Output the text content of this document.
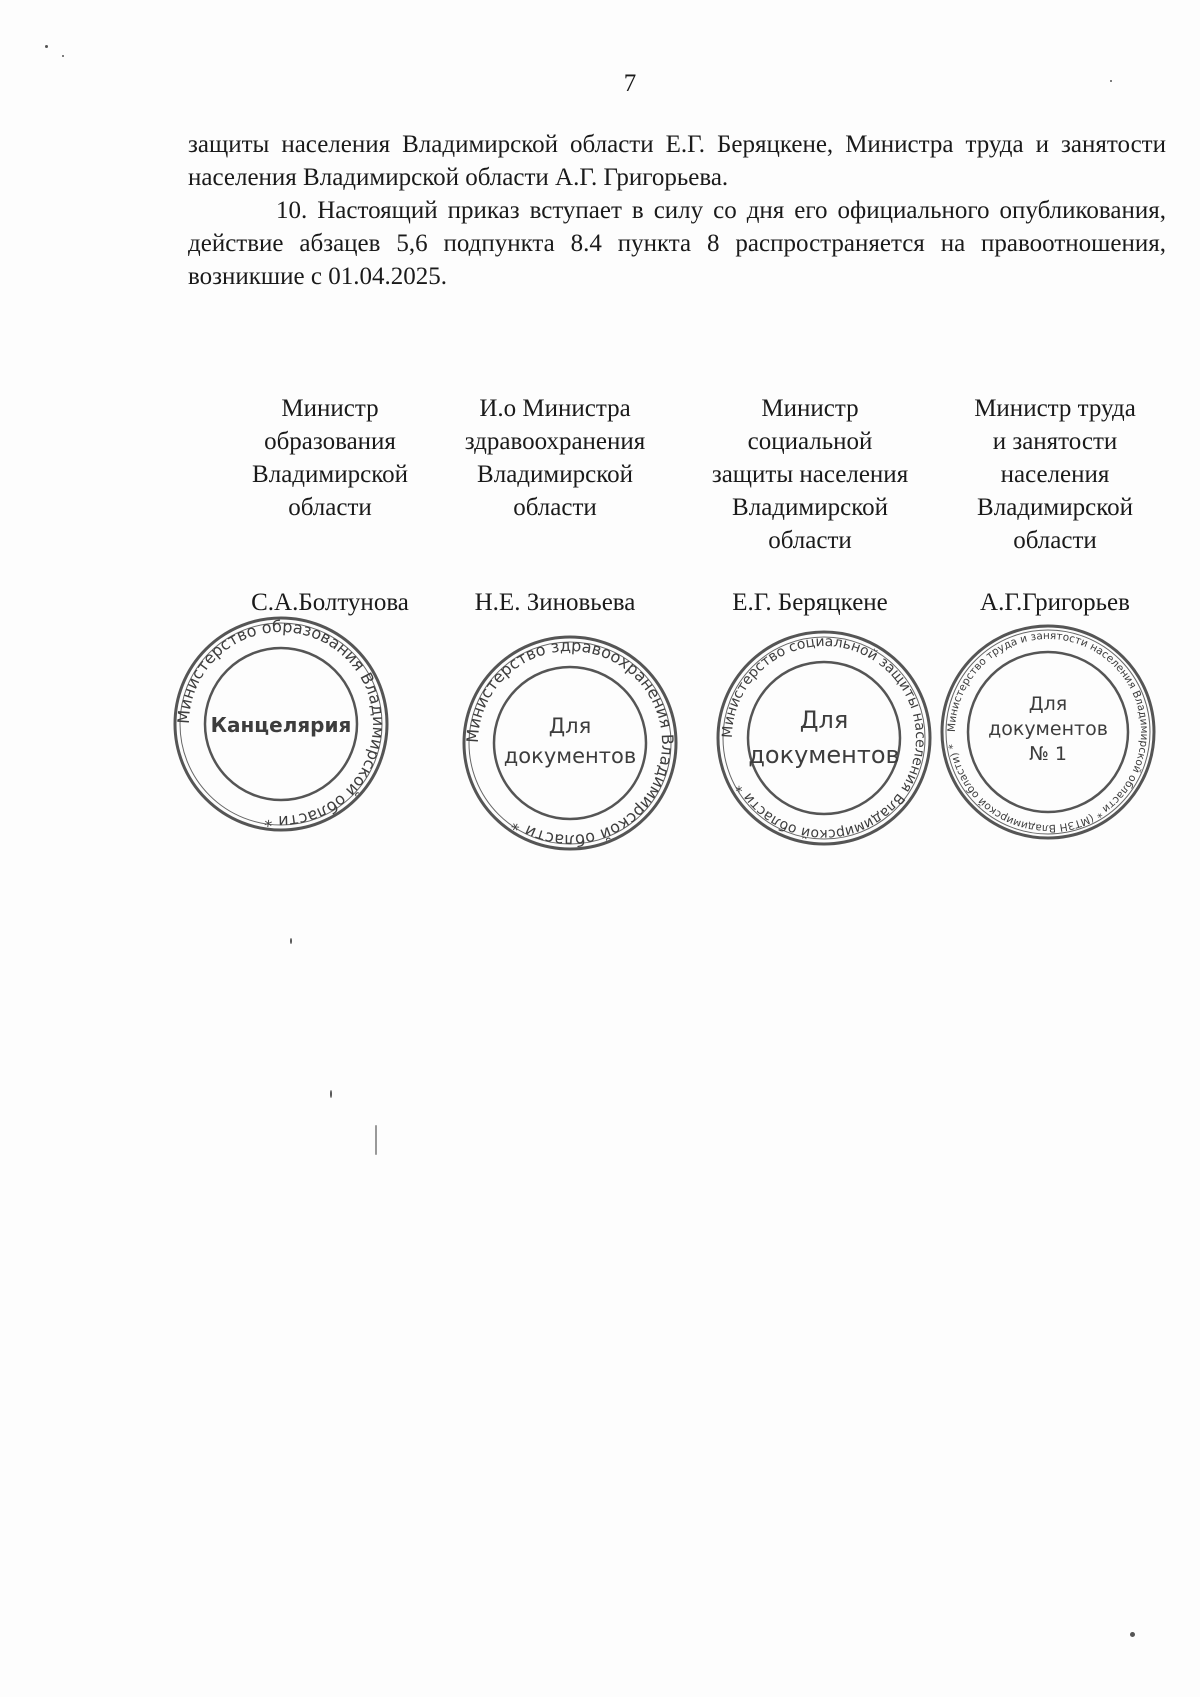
7

защиты населения Владимирской области Е.Г. Беряцкене, Министра труда и занятости населения Владимирской области А.Г. Григорьева.

10. Настоящий приказ вступает в силу со дня его официального опубликования, действие абзацев 5,6 подпункта 8.4 пункта 8 распространяется на правоотношения, возникшие с 01.04.2025.

Министр
образования
Владимирской
области
С.А.Болтунова
И.о Министра
здравоохранения
Владимирской
области
Н.Е. Зиновьева
Министр
социальной
защиты населения
Владимирской
области
Е.Г. Беряцкене
Министр труда
и занятости
населения
Владимирской
области
А.Г.Григорьев
Министерство образования Владимирской области *
Канцелярия	Министерство здравоохранения Владимирской области *
Для
документов
Министерство социальной защиты населения Владимирской области *
Для
документов
Министерство труда и занятости населения Владимирской области * (МТЗН Владимирской области) *
Для
документов
№ 1
